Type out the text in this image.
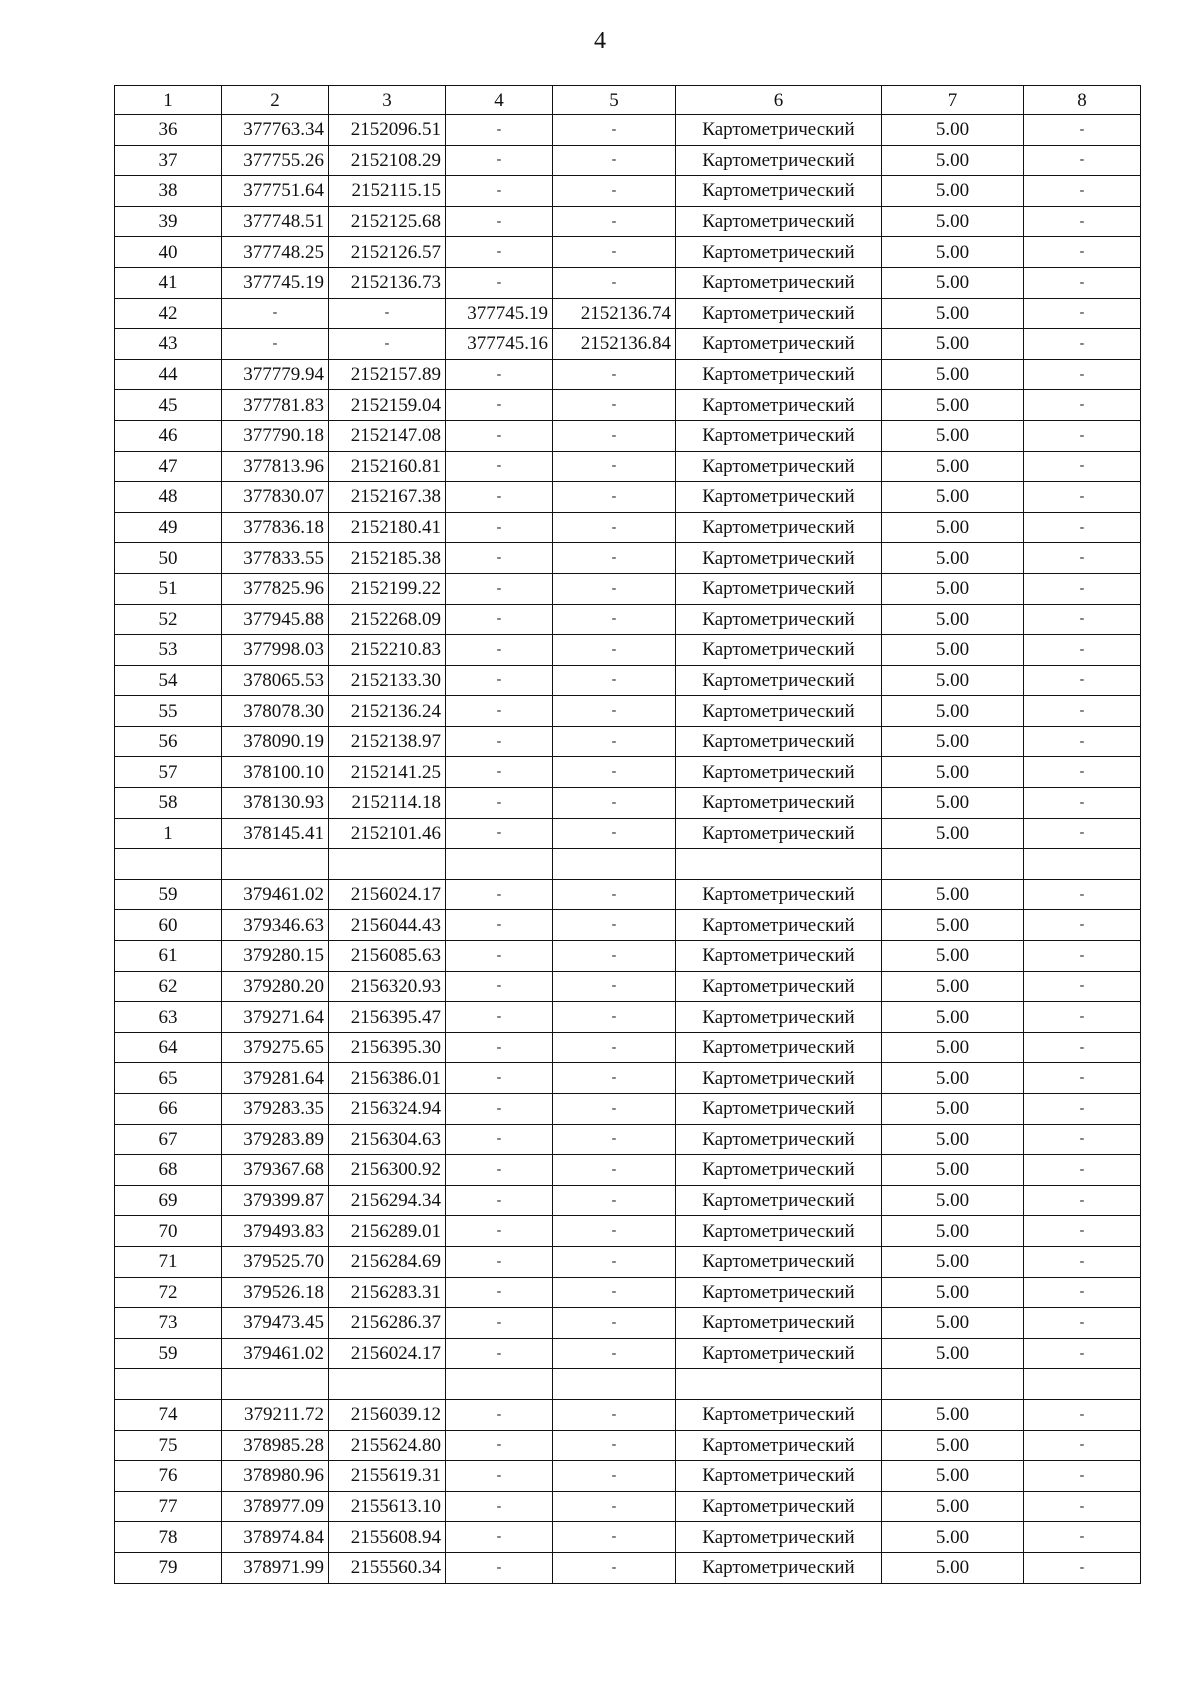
4
1	2	3	4	5	6	7	8
36	377763.34	2152096.51	-	-	Картометрический	5.00	-
37	377755.26	2152108.29	-	-	Картометрический	5.00	-
38	377751.64	2152115.15	-	-	Картометрический	5.00	-
39	377748.51	2152125.68	-	-	Картометрический	5.00	-
40	377748.25	2152126.57	-	-	Картометрический	5.00	-
41	377745.19	2152136.73	-	-	Картометрический	5.00	-
42	-	-	377745.19	2152136.74	Картометрический	5.00	-
43	-	-	377745.16	2152136.84	Картометрический	5.00	-
44	377779.94	2152157.89	-	-	Картометрический	5.00	-
45	377781.83	2152159.04	-	-	Картометрический	5.00	-
46	377790.18	2152147.08	-	-	Картометрический	5.00	-
47	377813.96	2152160.81	-	-	Картометрический	5.00	-
48	377830.07	2152167.38	-	-	Картометрический	5.00	-
49	377836.18	2152180.41	-	-	Картометрический	5.00	-
50	377833.55	2152185.38	-	-	Картометрический	5.00	-
51	377825.96	2152199.22	-	-	Картометрический	5.00	-
52	377945.88	2152268.09	-	-	Картометрический	5.00	-
53	377998.03	2152210.83	-	-	Картометрический	5.00	-
54	378065.53	2152133.30	-	-	Картометрический	5.00	-
55	378078.30	2152136.24	-	-	Картометрический	5.00	-
56	378090.19	2152138.97	-	-	Картометрический	5.00	-
57	378100.10	2152141.25	-	-	Картометрический	5.00	-
58	378130.93	2152114.18	-	-	Картометрический	5.00	-
1	378145.41	2152101.46	-	-	Картометрический	5.00	-

59	379461.02	2156024.17	-	-	Картометрический	5.00	-
60	379346.63	2156044.43	-	-	Картометрический	5.00	-
61	379280.15	2156085.63	-	-	Картометрический	5.00	-
62	379280.20	2156320.93	-	-	Картометрический	5.00	-
63	379271.64	2156395.47	-	-	Картометрический	5.00	-
64	379275.65	2156395.30	-	-	Картометрический	5.00	-
65	379281.64	2156386.01	-	-	Картометрический	5.00	-
66	379283.35	2156324.94	-	-	Картометрический	5.00	-
67	379283.89	2156304.63	-	-	Картометрический	5.00	-
68	379367.68	2156300.92	-	-	Картометрический	5.00	-
69	379399.87	2156294.34	-	-	Картометрический	5.00	-
70	379493.83	2156289.01	-	-	Картометрический	5.00	-
71	379525.70	2156284.69	-	-	Картометрический	5.00	-
72	379526.18	2156283.31	-	-	Картометрический	5.00	-
73	379473.45	2156286.37	-	-	Картометрический	5.00	-
59	379461.02	2156024.17	-	-	Картометрический	5.00	-

74	379211.72	2156039.12	-	-	Картометрический	5.00	-
75	378985.28	2155624.80	-	-	Картометрический	5.00	-
76	378980.96	2155619.31	-	-	Картометрический	5.00	-
77	378977.09	2155613.10	-	-	Картометрический	5.00	-
78	378974.84	2155608.94	-	-	Картометрический	5.00	-
79	378971.99	2155560.34	-	-	Картометрический	5.00	-
